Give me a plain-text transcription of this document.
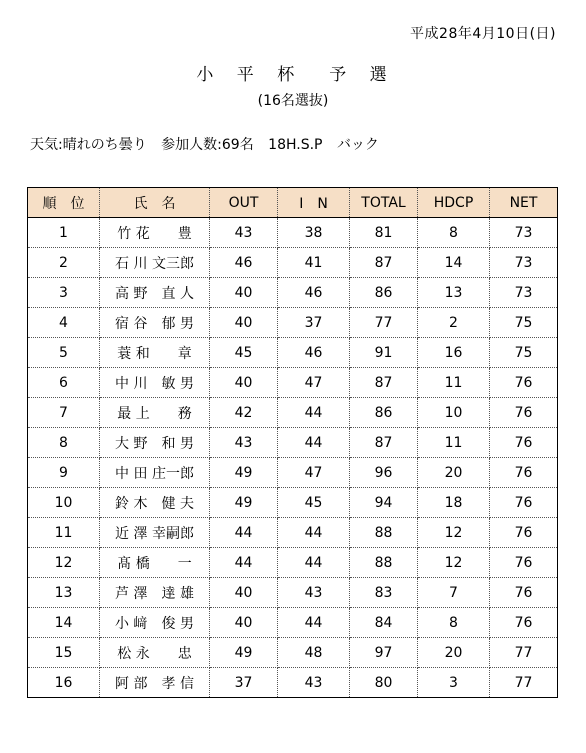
平成28年4月10日(日)
小 平 杯　予 選
(16名選抜)
天気:晴れのち曇り 参加人数:69名 18H.S.P バック
順　位	氏　名	OUT	I　N	TOTAL	HDCP	NET
1	竹 花　　豊	43	38	81	8	73
2	石 川 文三郎	46	41	87	14	73
3	高 野　直 人	40	46	86	13	73
4	宿 谷　郁 男	40	37	77	2	75
5	蓑 和　　章	45	46	91	16	75
6	中 川　敏 男	40	47	87	11	76
7	最 上　　務	42	44	86	10	76
8	大 野　和 男	43	44	87	11	76
9	中 田 庄一郎	49	47	96	20	76
10	鈴 木　健 夫	49	45	94	18	76
11	近 澤 幸嗣郎	44	44	88	12	76
12	髙 橋　　一	44	44	88	12	76
13	芦 澤　達 雄	40	43	83	7	76
14	小 﨑　俊 男	40	44	84	8	76
15	松 永　　忠	49	48	97	20	77
16	阿 部　孝 信	37	43	80	3	77
